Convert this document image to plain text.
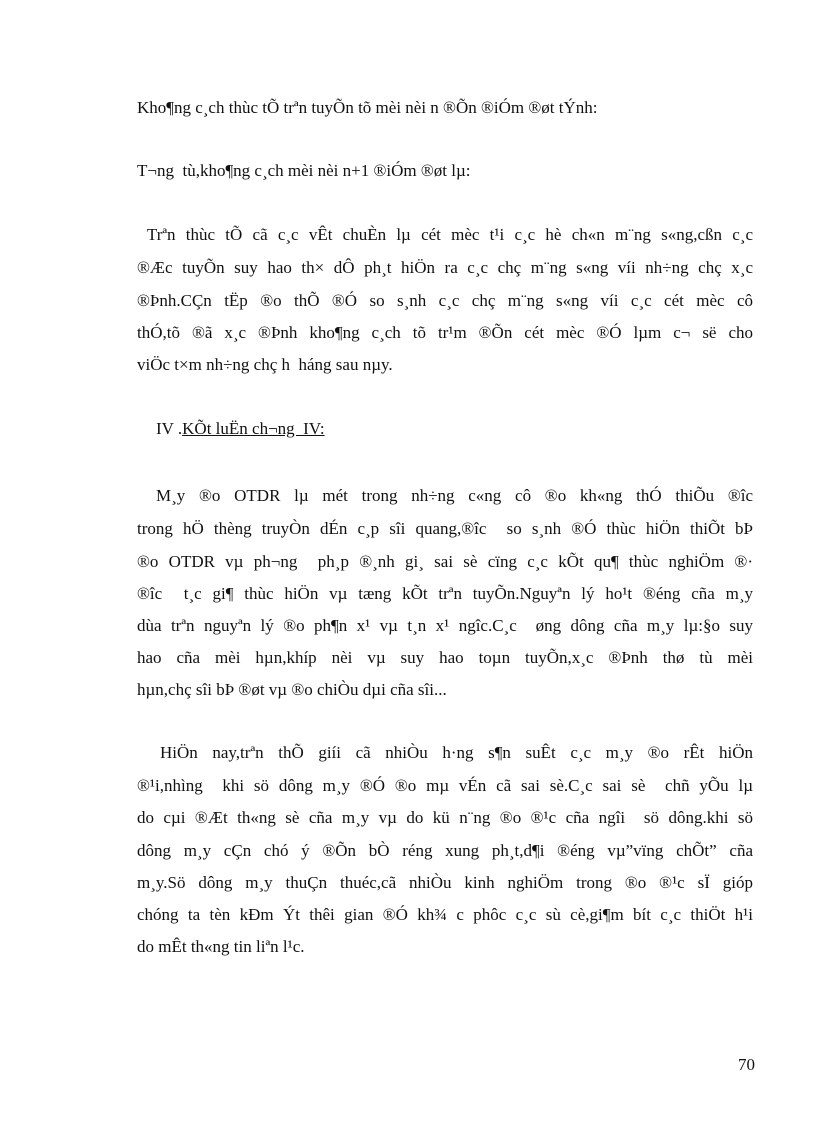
Kho¶ng c¸ch thùc tÕ trªn tuyÕn tõ mèi nèi n ®Õn ®iÓm ®øt tÝnh:
T¬ng  tù,kho¶ng c¸ch mèi nèi n+1 ®iÓm ®øt lµ:
Trªn thùc tÕ cã c¸c vÊt chuÈn lµ cét mèc t¹i c¸c hè ch«n m¨ng s«ng,cßn c¸c
®Æc tuyÕn suy hao th× dÔ ph¸t hiÖn ra c¸c chç m¨ng s«ng víi nh÷ng chç x¸c
®Þnh.CÇn tËp ®o thÕ ®Ó so s¸nh c¸c chç m¨ng s«ng víi c¸c cét mèc cô
thÓ,tõ ®ã x¸c ®Þnh kho¶ng c¸ch tõ tr¹m ®Õn cét mèc ®Ó lµm c¬ së cho
viÖc t×m nh÷ng chç h  háng sau nµy.
IV .KÕt luËn ch¬ng  IV:
M¸y ®o OTDR lµ mét trong nh÷ng c«ng cô ®o kh«ng thÓ thiÕu ®îc
trong hÖ thèng truyÒn dÉn c¸p sîi quang,®îc  so s¸nh ®Ó thùc hiÖn thiÕt bÞ
®o OTDR vµ ph¬ng  ph¸p ®¸nh gi¸ sai sè cïng c¸c kÕt qu¶ thùc nghiÖm ®·
®îc  t¸c gi¶ thùc hiÖn vµ tæng kÕt trªn tuyÕn.Nguyªn lý ho¹t ®éng cña m¸y
dùa trªn nguyªn lý ®o ph¶n x¹ vµ t¸n x¹ ngîc.C¸c  øng dông cña m¸y lµ:§o suy
hao cña mèi hµn,khíp nèi vµ suy hao toµn tuyÕn,x¸c ®Þnh thø tù mèi
hµn,chç sîi bÞ ®øt vµ ®o chiÒu dµi cña sîi...
HiÖn nay,trªn thÕ giíi cã nhiÒu h·ng s¶n suÊt c¸c m¸y ®o rÊt hiÖn
®¹i,nhìng  khi sö dông m¸y ®Ó ®o mµ vÉn cã sai sè.C¸c sai sè  chñ yÕu lµ
do cµi ®Æt th«ng sè cña m¸y vµ do kü n¨ng ®o ®¹c cña ngîi  sö dông.khi sö
dông m¸y cÇn chó ý ®Õn bÒ réng xung ph¸t,d¶i ®éng vµ”vïng chÕt” cña
m¸y.Sö dông m¸y thuÇn thuéc,cã nhiÒu kinh nghiÖm trong ®o ®¹c sÏ gióp
chóng ta tèn kÐm Ýt thêi gian ®Ó kh¾ c phôc c¸c sù cè,gi¶m bít c¸c thiÖt h¹i
do mÊt th«ng tin liªn l¹c.
70
